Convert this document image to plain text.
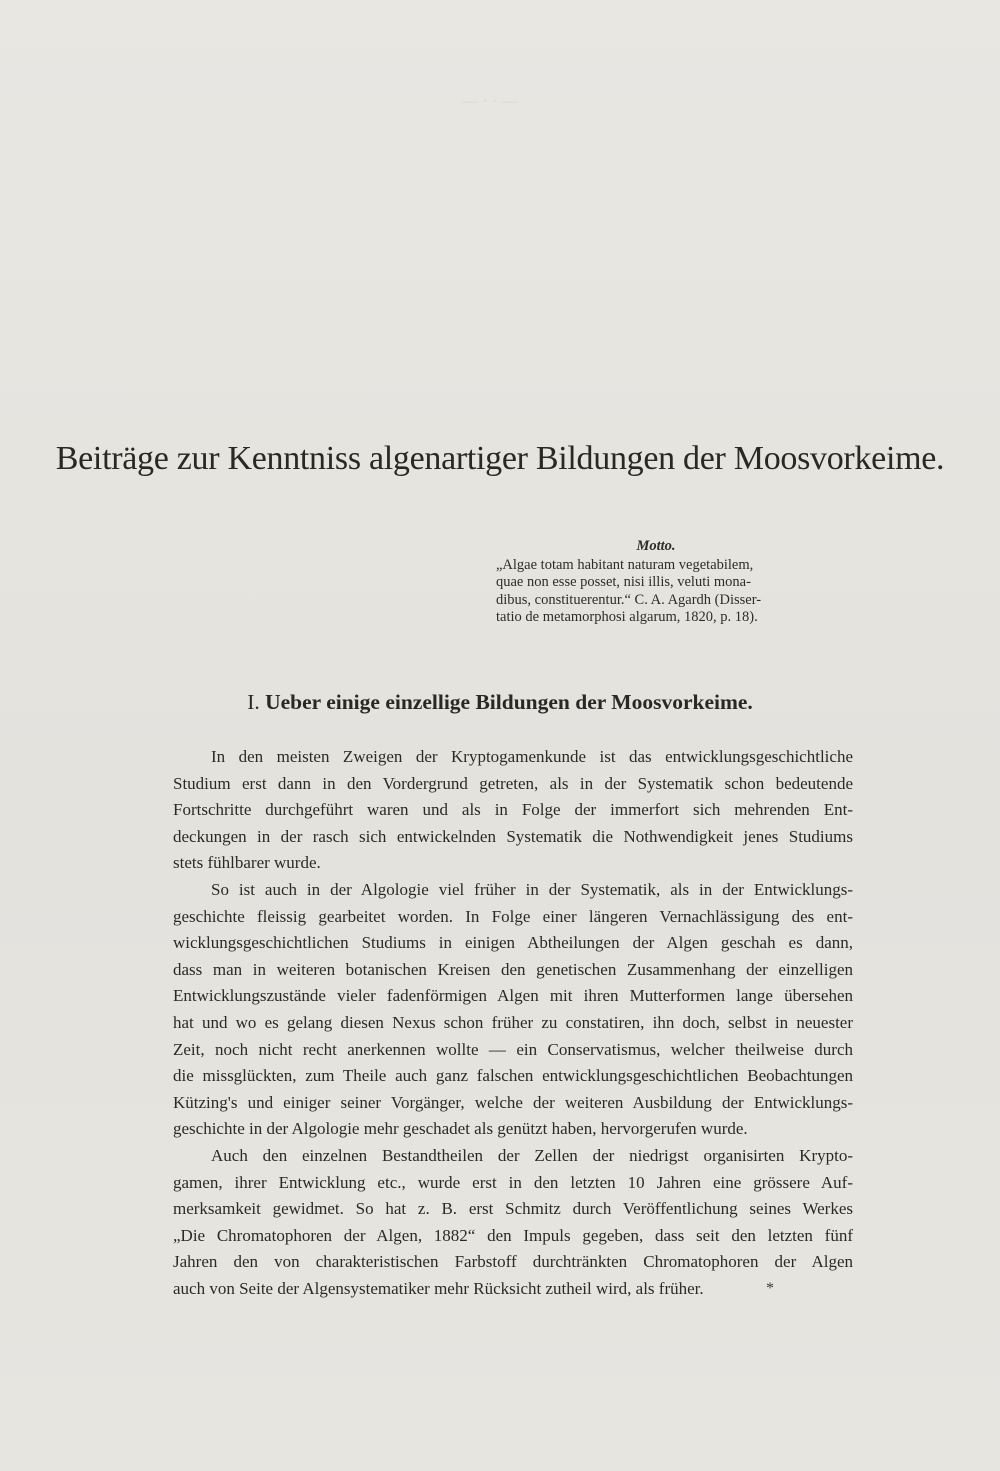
— · · —
Beiträge zur Kenntniss algenartiger Bildungen der Moosvorkeime.
Motto.
„Algae totam habitant naturam vegetabilem,
quae non esse posset, nisi illis, veluti mona-
dibus, constituerentur.“ C. A. Agardh (Disser-
tatio de metamorphosi algarum, 1820, p. 18).
I. Ueber einige einzellige Bildungen der Moosvorkeime.
In den meisten Zweigen der Kryptogamenkunde ist das entwicklungsgeschichtliche
Studium erst dann in den Vordergrund getreten, als in der Systematik schon bedeutende
Fortschritte durchgeführt waren und als in Folge der immerfort sich mehrenden Ent-
deckungen in der rasch sich entwickelnden Systematik die Nothwendigkeit jenes Studiums
stets fühlbarer wurde.
So ist auch in der Algologie viel früher in der Systematik, als in der Entwicklungs-
geschichte fleissig gearbeitet worden. In Folge einer längeren Vernachlässigung des ent-
wicklungsgeschichtlichen Studiums in einigen Abtheilungen der Algen geschah es dann,
dass man in weiteren botanischen Kreisen den genetischen Zusammenhang der einzelligen
Entwicklungszustände vieler fadenförmigen Algen mit ihren Mutterformen lange übersehen
hat und wo es gelang diesen Nexus schon früher zu constatiren, ihn doch, selbst in neuester
Zeit, noch nicht recht anerkennen wollte — ein Conservatismus, welcher theilweise durch
die missglückten, zum Theile auch ganz falschen entwicklungsgeschichtlichen Beobachtungen
Kützing's und einiger seiner Vorgänger, welche der weiteren Ausbildung der Entwicklungs-
geschichte in der Algologie mehr geschadet als genützt haben, hervorgerufen wurde.
Auch den einzelnen Bestandtheilen der Zellen der niedrigst organisirten Krypto-
gamen, ihrer Entwicklung etc., wurde erst in den letzten 10 Jahren eine grössere Auf-
merksamkeit gewidmet. So hat z. B. erst Schmitz durch Veröffentlichung seines Werkes
„Die Chromatophoren der Algen, 1882“ den Impuls gegeben, dass seit den letzten fünf
Jahren den von charakteristischen Farbstoff durchtränkten Chromatophoren der Algen
auch von Seite der Algensystematiker mehr Rücksicht zutheil wird, als früher.	*
